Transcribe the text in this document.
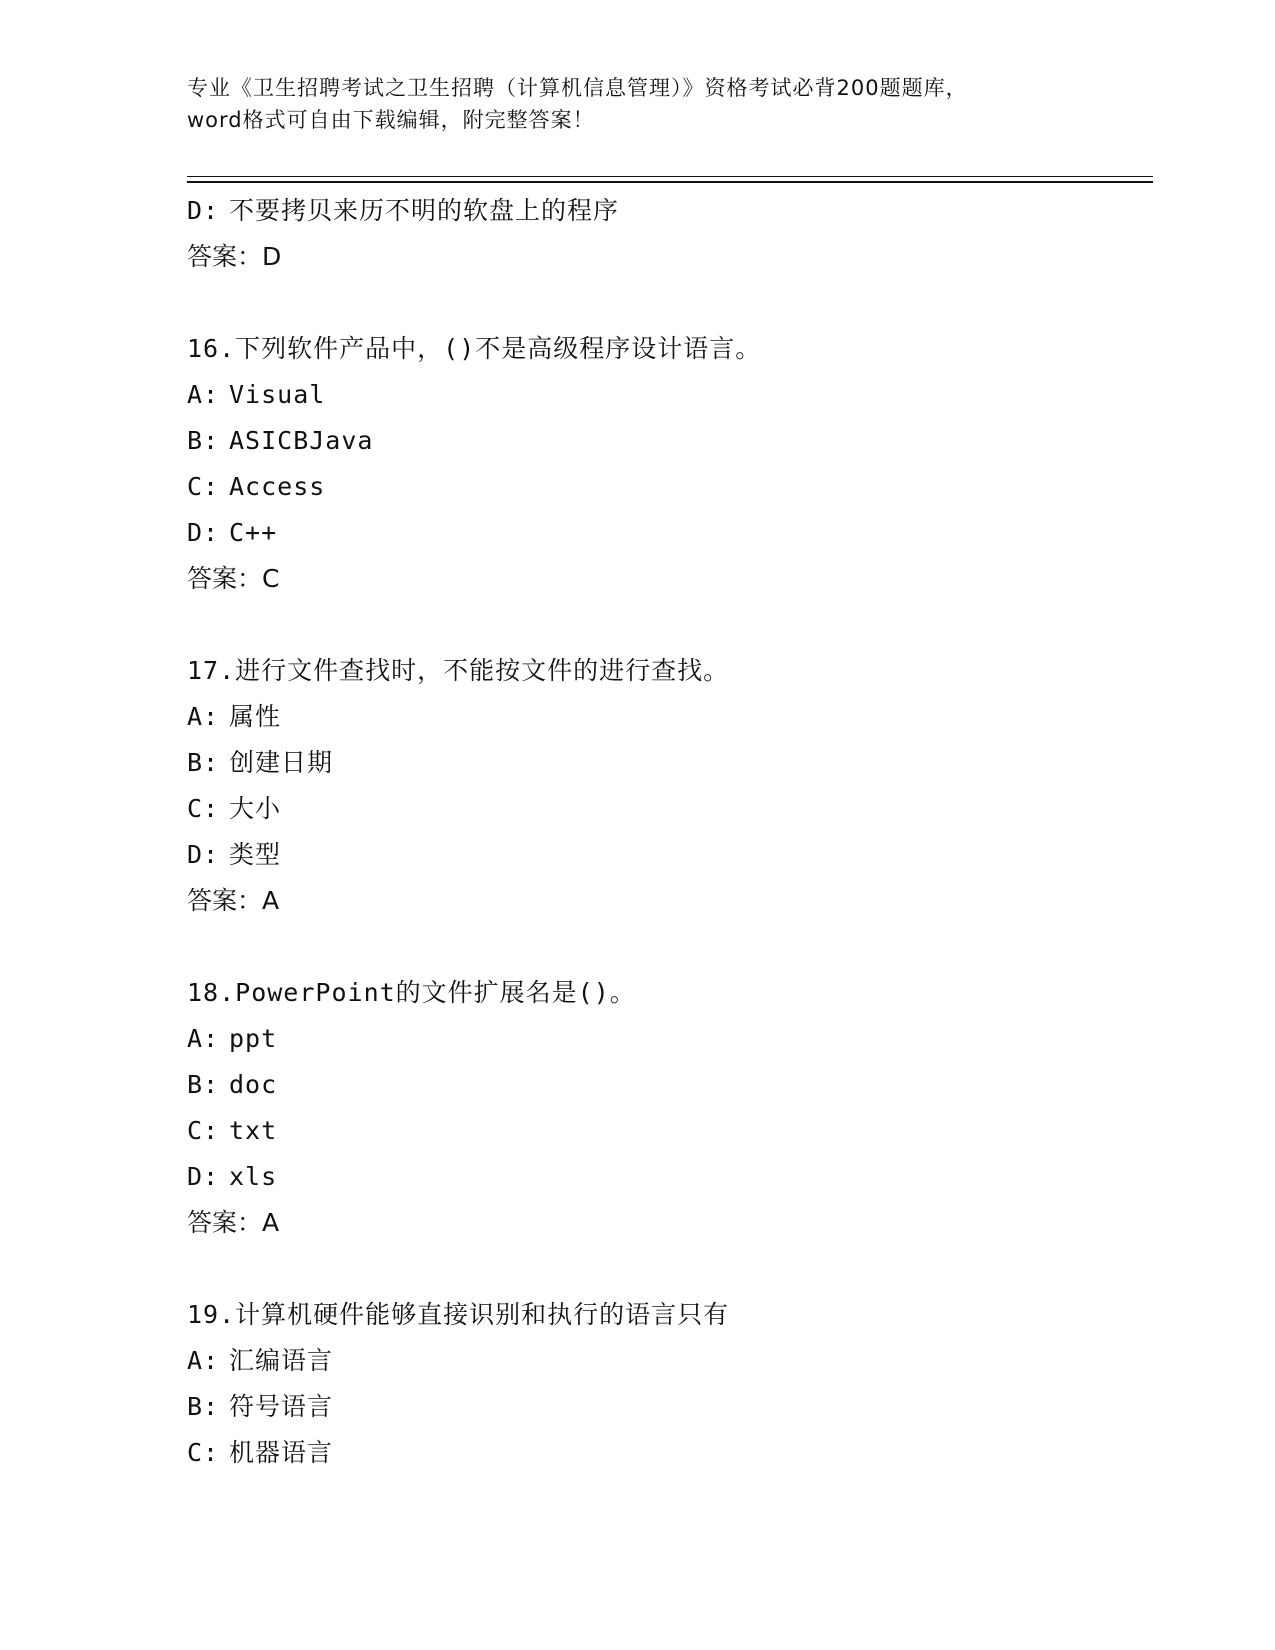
专业《卫生招聘考试之卫生招聘（计算机信息管理）》资格考试必背200题题库，
word格式可自由下载编辑，附完整答案！
D: 不要拷贝来历不明的软盘上的程序
答案：D
16.下列软件产品中，()不是高级程序设计语言。
A: Visual
B: ASICBJava
C: Access
D: C++
答案：C
17.进行文件查找时，不能按文件的进行查找。
A: 属性
B: 创建日期
C: 大小
D: 类型
答案：A
18.PowerPoint的文件扩展名是()。
A: ppt
B: doc
C: txt
D: xls
答案：A
19.计算机硬件能够直接识别和执行的语言只有
A: 汇编语言
B: 符号语言
C: 机器语言
